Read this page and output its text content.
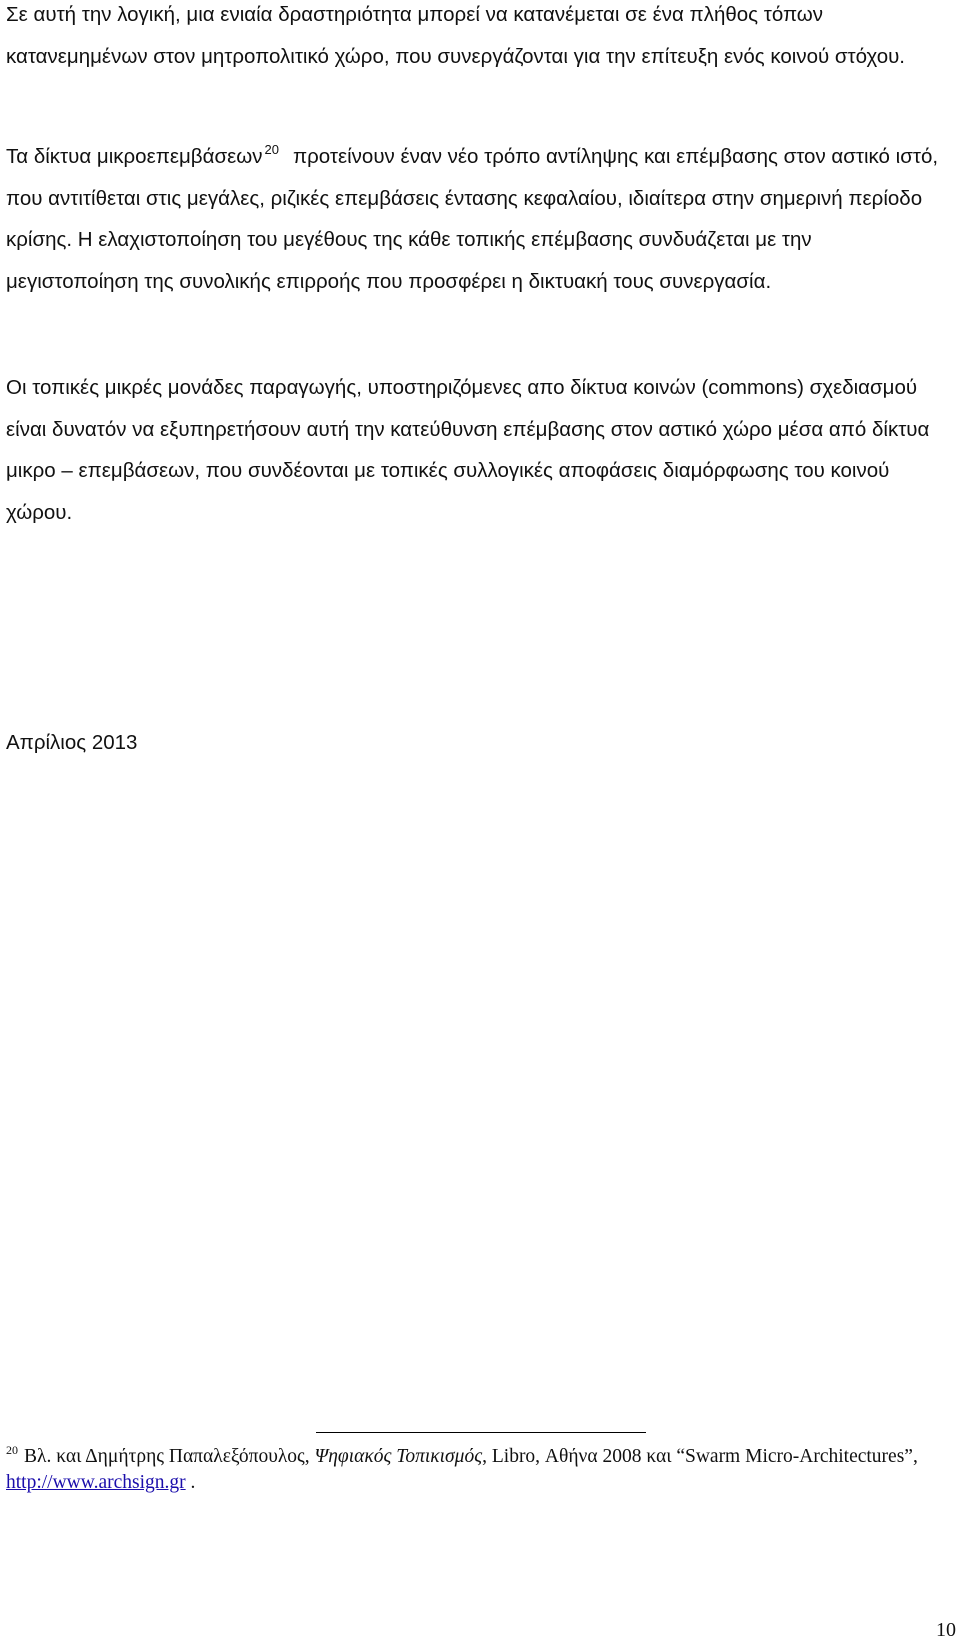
Σε αυτή την λογική, μια ενιαία δραστηριότητα μπορεί να κατανέμεται σε ένα πλήθος τόπων κατανεμημένων στον μητροπολιτικό χώρο, που συνεργάζονται για την επίτευξη ενός κοινού στόχου.

Τα δίκτυα μικροεπεμβάσεων $^{20}$ προτείνουν έναν νέο τρόπο αντίληψης και επέμβασης στον αστικό ιστό, που αντιτίθεται στις μεγάλες, ριζικές επεμβάσεις έντασης κεφαλαίου, ιδιαίτερα στην σημερινή περίοδο κρίσης. Η ελαχιστοποίηση του μεγέθους της κάθε τοπικής επέμβασης συνδυάζεται με την μεγιστοποίηση της συνολικής επιρροής που προσφέρει η δικτυακή τους συνεργασία.

Οι τοπικές μικρές μονάδες παραγωγής, υποστηριζόμενες απο δίκτυα κοινών (commons) σχεδιασμού είναι δυνατόν να εξυπηρετήσουν αυτή την κατεύθυνση επέμβασης στον αστικό χώρο μέσα από δίκτυα μικρο – επεμβάσεων, που συνδέονται με τοπικές συλλογικές αποφάσεις διαμόρφωσης του κοινού χώρου.

Απρίλιος 2013

$^{20}$ Βλ. και Δημήτρης Παπαλεξόπουλος, Ψηφιακός Τοπικισμός, Libro, Αθήνα 2008 και “Swarm Micro-Architectures”, http://www.archsign.gr .

10
